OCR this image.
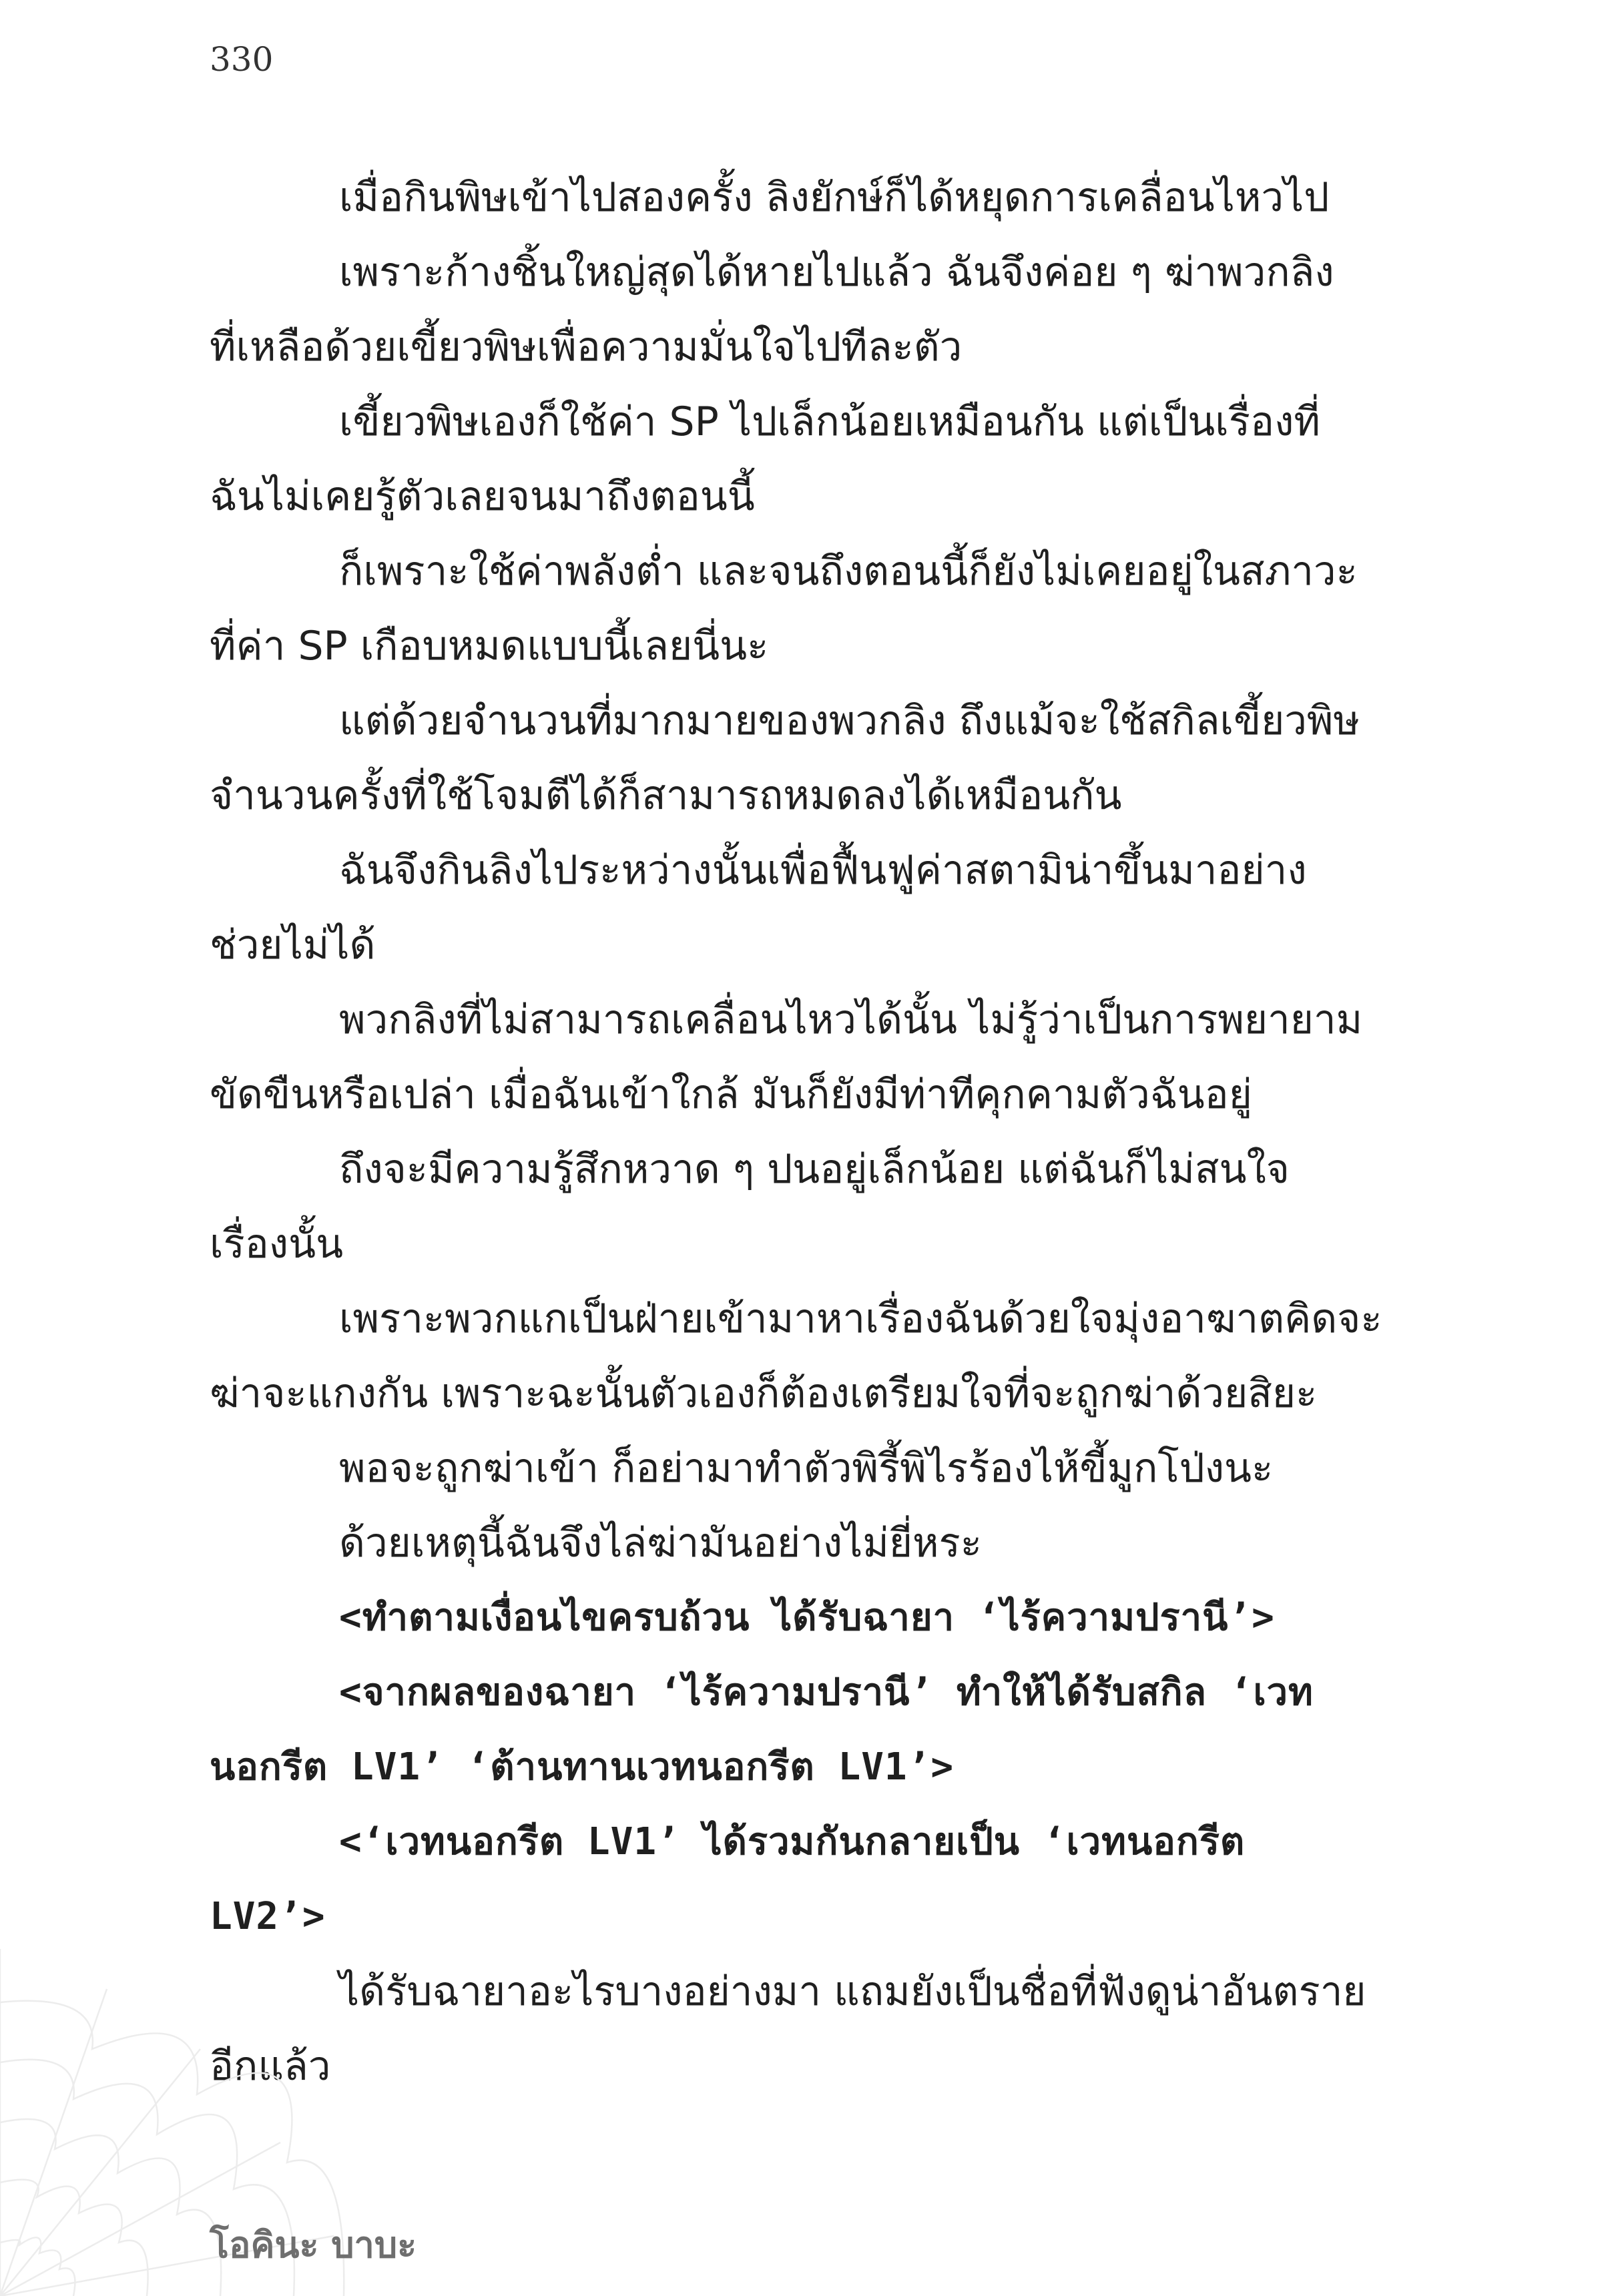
330
เมื่อกินพิษเข้าไปสองครั้ง ลิงยักษ์ก็ได้หยุดการเคลื่อนไหวไป
เพราะก้างชิ้นใหญ่สุดได้หายไปแล้ว ฉันจึงค่อย ๆ ฆ่าพวกลิง
ที่เหลือด้วยเขี้ยวพิษเพื่อความมั่นใจไปทีละตัว
เขี้ยวพิษเองก็ใช้ค่า SP ไปเล็กน้อยเหมือนกัน แต่เป็นเรื่องที่
ฉันไม่เคยรู้ตัวเลยจนมาถึงตอนนี้
ก็เพราะใช้ค่าพลังต่ำ และจนถึงตอนนี้ก็ยังไม่เคยอยู่ในสภาวะ
ที่ค่า SP เกือบหมดแบบนี้เลยนี่นะ
แต่ด้วยจำนวนที่มากมายของพวกลิง ถึงแม้จะใช้สกิลเขี้ยวพิษ
จำนวนครั้งที่ใช้โจมตีได้ก็สามารถหมดลงได้เหมือนกัน
ฉันจึงกินลิงไประหว่างนั้นเพื่อฟื้นฟูค่าสตามิน่าขึ้นมาอย่าง
ช่วยไม่ได้
พวกลิงที่ไม่สามารถเคลื่อนไหวได้นั้น ไม่รู้ว่าเป็นการพยายาม
ขัดขืนหรือเปล่า เมื่อฉันเข้าใกล้ มันก็ยังมีท่าทีคุกคามตัวฉันอยู่
ถึงจะมีความรู้สึกหวาด ๆ ปนอยู่เล็กน้อย แต่ฉันก็ไม่สนใจ
เรื่องนั้น
เพราะพวกแกเป็นฝ่ายเข้ามาหาเรื่องฉันด้วยใจมุ่งอาฆาตคิดจะ
ฆ่าจะแกงกัน เพราะฉะนั้นตัวเองก็ต้องเตรียมใจที่จะถูกฆ่าด้วยสิยะ
พอจะถูกฆ่าเข้า ก็อย่ามาทำตัวพิรี้พิไรร้องไห้ขี้มูกโป่งนะ
ด้วยเหตุนี้ฉันจึงไล่ฆ่ามันอย่างไม่ยี่หระ
<ทำตามเงื่อนไขครบถ้วน ได้รับฉายา ‘ไร้ความปรานี’>
<จากผลของฉายา ‘ไร้ความปรานี’ ทำให้ได้รับสกิล ‘เวท
นอกรีต LV1’ ‘ต้านทานเวทนอกรีต LV1’>
<‘เวทนอกรีต LV1’ ได้รวมกันกลายเป็น ‘เวทนอกรีต
LV2’>
ได้รับฉายาอะไรบางอย่างมา แถมยังเป็นชื่อที่ฟังดูน่าอันตราย
อีกแล้ว
โอคินะ บาบะ
